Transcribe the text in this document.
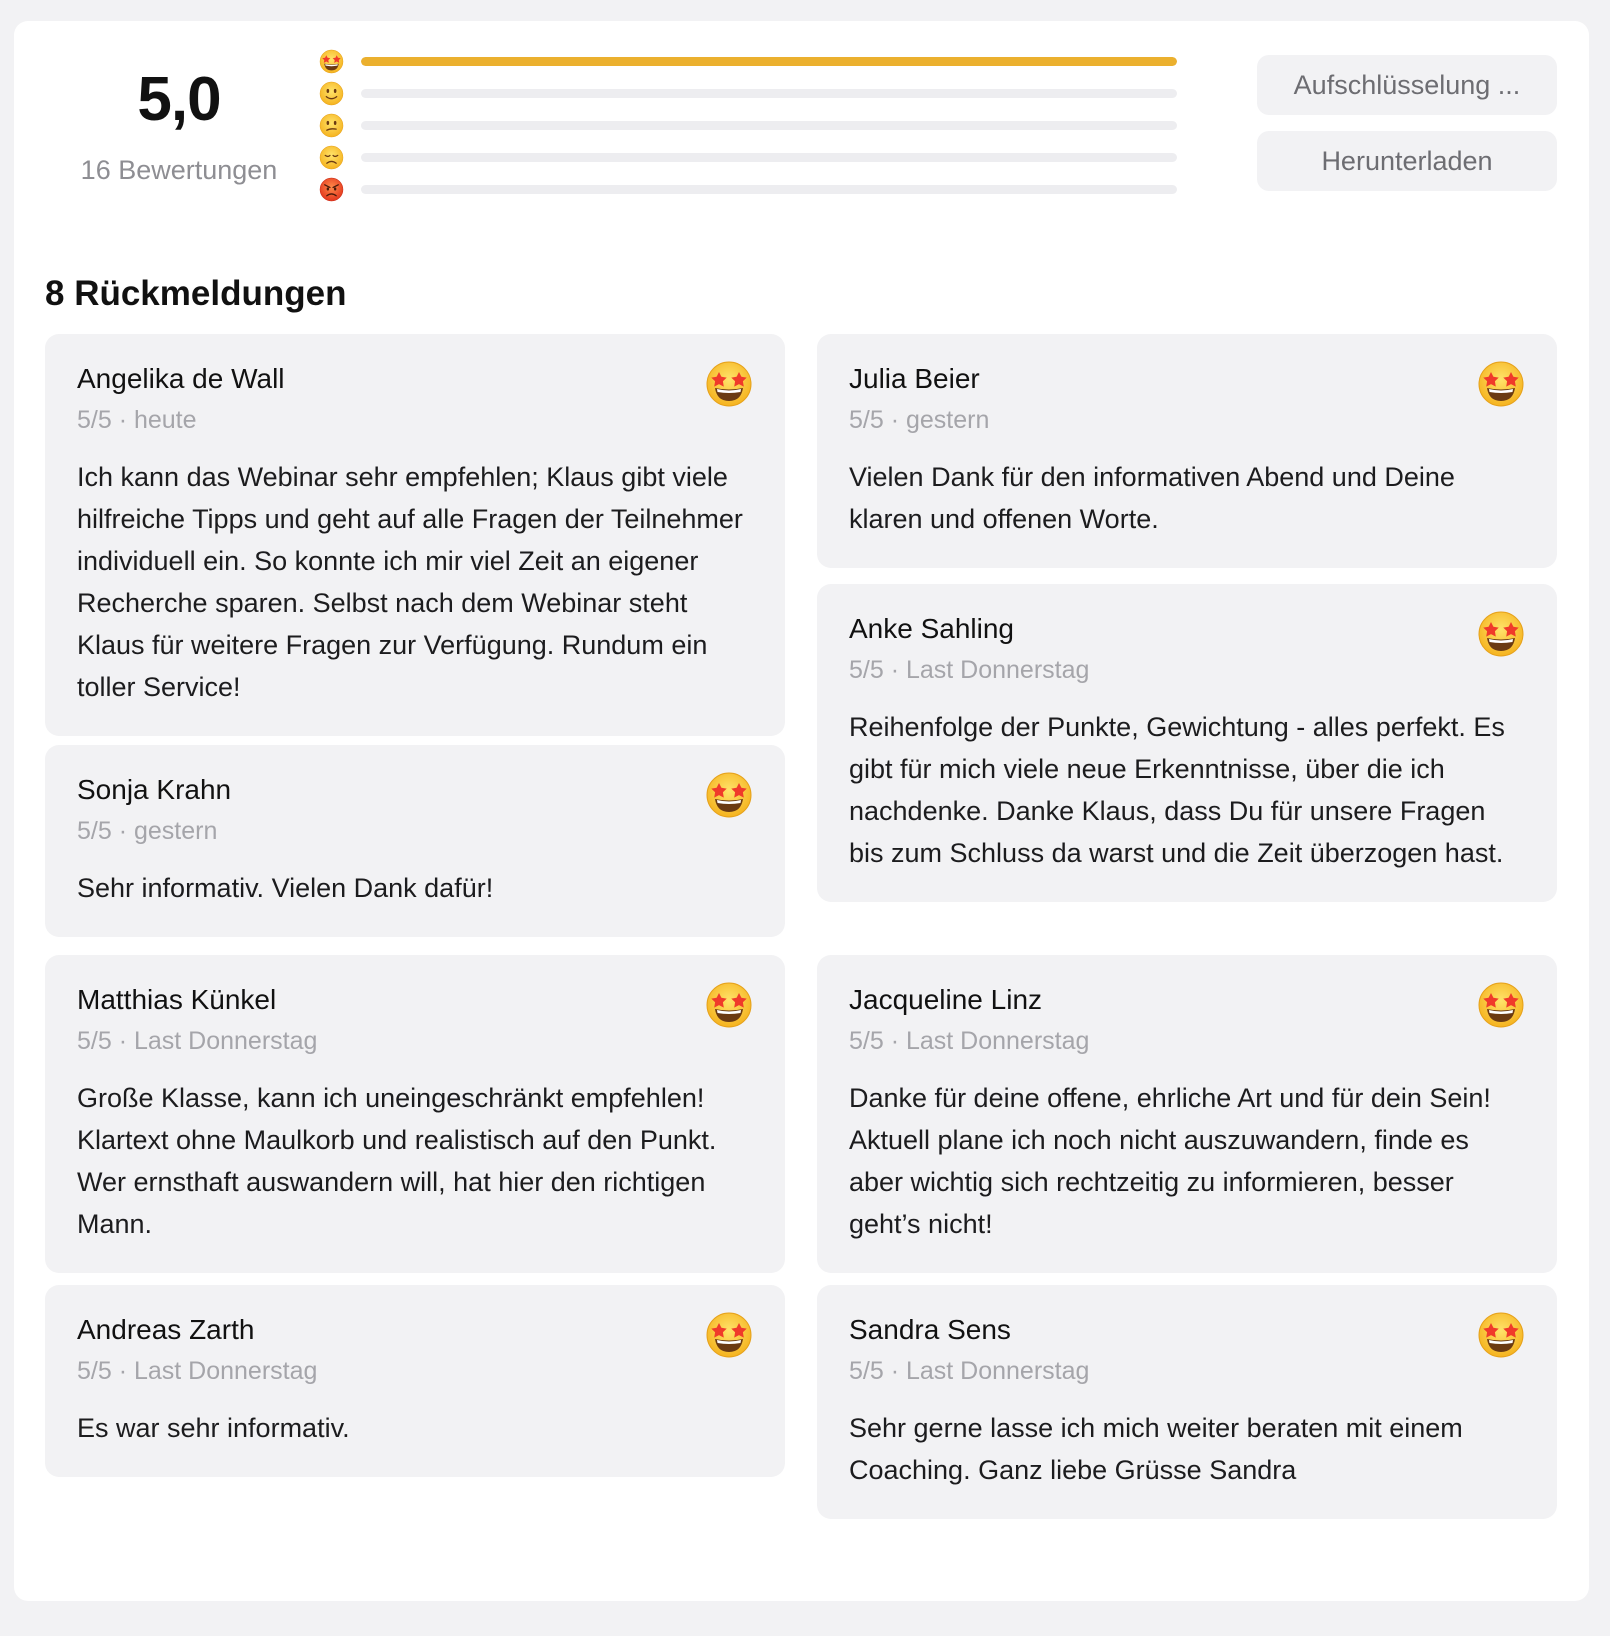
5,0
16 Bewertungen
Aufschlüsselung ...
Herunterladen
8 Rückmeldungen
Angelika de Wall
5/5 · heute
Ich kann das Webinar sehr empfehlen; Klaus gibt viele hilfreiche Tipps und geht auf alle Fragen der Teilnehmer individuell ein. So konnte ich mir viel Zeit an eigener Recherche sparen. Selbst nach dem Webinar steht Klaus für weitere Fragen zur Verfügung. Rundum ein toller Service!
Julia Beier
5/5 · gestern
Vielen Dank für den informativen Abend und Deine klaren und offenen Worte.
Anke Sahling
5/5 · Last Donnerstag
Reihenfolge der Punkte, Gewichtung - alles perfekt. Es gibt für mich viele neue Erkenntnisse, über die ich nachdenke. Danke Klaus, dass Du für unsere Fragen bis zum Schluss da warst und die Zeit überzogen hast.
Sonja Krahn
5/5 · gestern
Sehr informativ. Vielen Dank dafür!
Matthias Künkel
5/5 · Last Donnerstag
Große Klasse, kann ich uneingeschränkt empfehlen! Klartext ohne Maulkorb und realistisch auf den Punkt. Wer ernsthaft auswandern will, hat hier den richtigen Mann.
Jacqueline Linz
5/5 · Last Donnerstag
Danke für deine offene, ehrliche Art und für dein Sein! Aktuell plane ich noch nicht auszuwandern, finde es aber wichtig sich rechtzeitig zu informieren, besser geht’s nicht!
Andreas Zarth
5/5 · Last Donnerstag
Es war sehr informativ.
Sandra Sens
5/5 · Last Donnerstag
Sehr gerne lasse ich mich weiter beraten mit einem Coaching. Ganz liebe Grüsse Sandra
